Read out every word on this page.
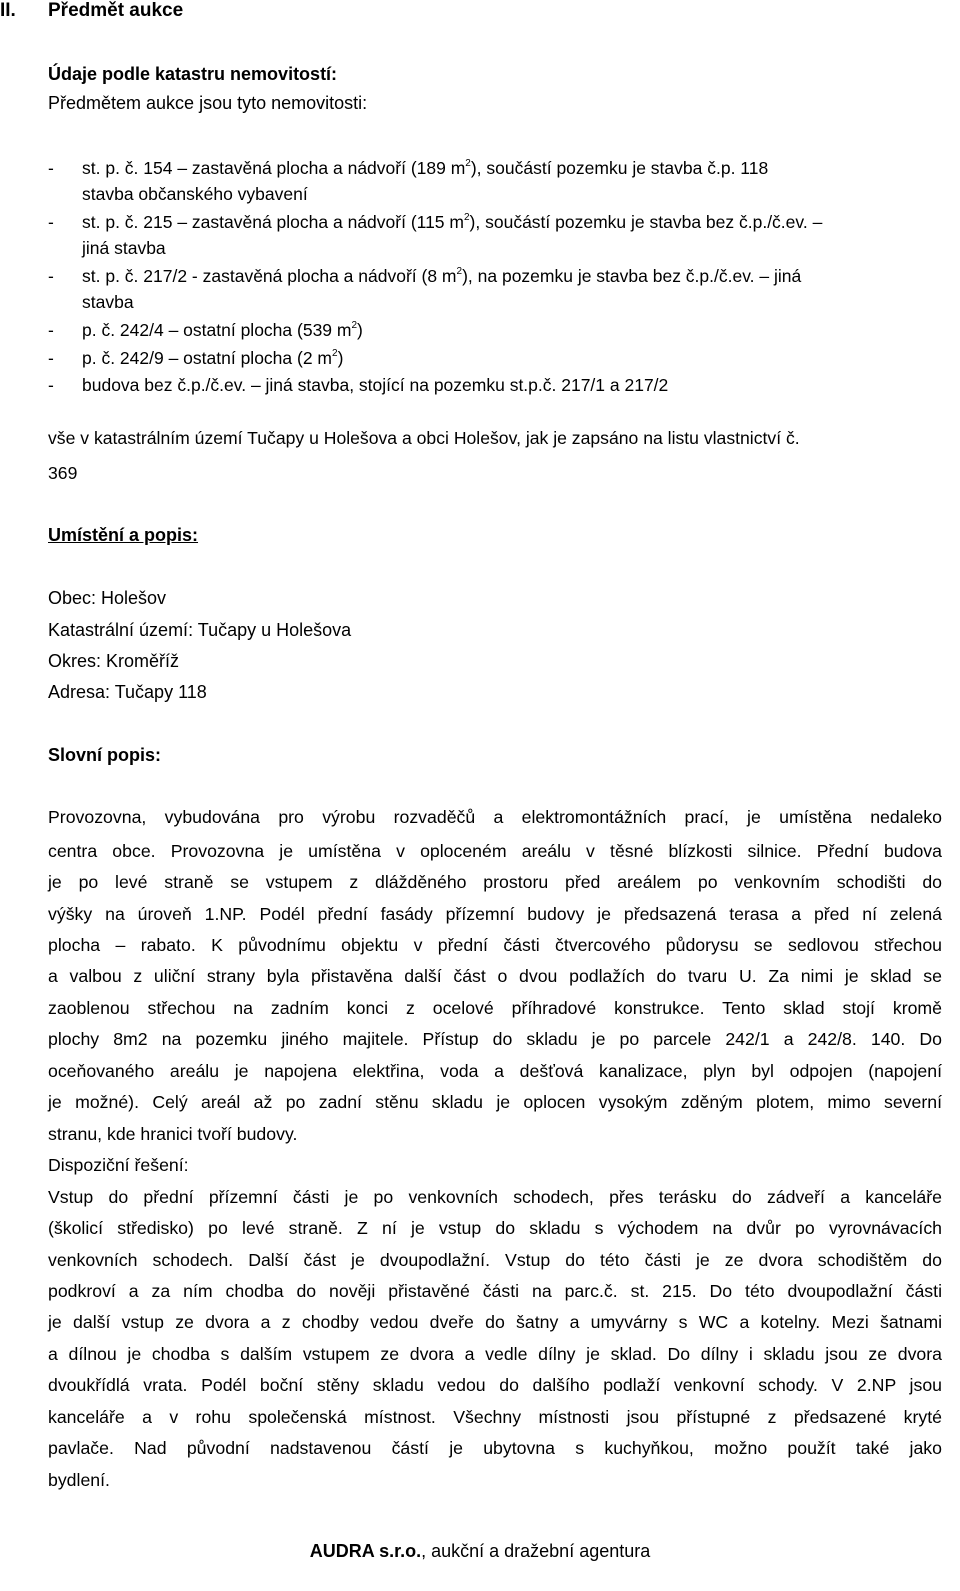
II. Předmět aukce
Údaje podle katastru nemovitostí:
Předmětem aukce jsou tyto nemovitosti:
- st. p. č. 154 – zastavěná plocha a nádvoří (189 $m^2$), součástí pozemku je stavba č.p. 118
stavba občanského vybavení
- st. p. č. 215 – zastavěná plocha a nádvoří (115 $m^2$), součástí pozemku je stavba bez č.p./č.ev. –
jiná stavba
- st. p. č. 217/2 - zastavěná plocha a nádvoří (8 $m^2$), na pozemku je stavba bez č.p./č.ev. – jiná
stavba
- p. č. 242/4 – ostatní plocha (539 $m^2$)
- p. č. 242/9 – ostatní plocha (2 $m^2$)
- budova bez č.p./č.ev. – jiná stavba, stojící na pozemku st.p.č. 217/1 a 217/2
vše v katastrálním území Tučapy u Holešova a obci Holešov, jak je zapsáno na listu vlastnictví č.
369
Umístění a popis:
Obec: Holešov
Katastrální území: Tučapy u Holešova
Okres: Kroměříž
Adresa: Tučapy 118
Slovní popis:
Provozovna, vybudována pro výrobu rozvaděčů a elektromontážních prací, je umístěna nedaleko
centra obce. Provozovna je umístěna v oploceném areálu v těsné blízkosti silnice. Přední budova
je po levé straně se vstupem z dlážděného prostoru před areálem po venkovním schodišti do
výšky na úroveň 1.NP. Podél přední fasády přízemní budovy je předsazená terasa a před ní zelená
plocha – rabato. K původnímu objektu v přední části čtvercového půdorysu se sedlovou střechou
a valbou z uliční strany byla přistavěna další část o dvou podlažích do tvaru U. Za nimi je sklad se
zaoblenou střechou na zadním konci z ocelové příhradové konstrukce. Tento sklad stojí kromě
plochy 8m2 na pozemku jiného majitele. Přístup do skladu je po parcele 242/1 a 242/8. 140. Do
oceňovaného areálu je napojena elektřina, voda a dešťová kanalizace, plyn byl odpojen (napojení
je možné). Celý areál až po zadní stěnu skladu je oplocen vysokým zděným plotem, mimo severní
stranu, kde hranici tvoří budovy.
Dispoziční řešení:
Vstup do přední přízemní části je po venkovních schodech, přes terásku do zádveří a kanceláře
(školicí středisko) po levé straně. Z ní je vstup do skladu s východem na dvůr po vyrovnávacích
venkovních schodech. Další část je dvoupodlažní. Vstup do této části je ze dvora schodištěm do
podkroví a za ním chodba do nověji přistavěné části na parc.č. st. 215. Do této dvoupodlažní části
je další vstup ze dvora a z chodby vedou dveře do šatny a umyvárny s WC a kotelny. Mezi šatnami
a dílnou je chodba s dalším vstupem ze dvora a vedle dílny je sklad. Do dílny i skladu jsou ze dvora
dvoukřídlá vrata. Podél boční stěny skladu vedou do dalšího podlaží venkovní schody. V 2.NP jsou
kanceláře a v rohu společenská místnost. Všechny místnosti jsou přístupné z předsazené kryté
pavlače. Nad původní nadstavenou částí je ubytovna s kuchyňkou, možno použít také jako
bydlení.
AUDRA s.r.o., aukční a dražební agentura
